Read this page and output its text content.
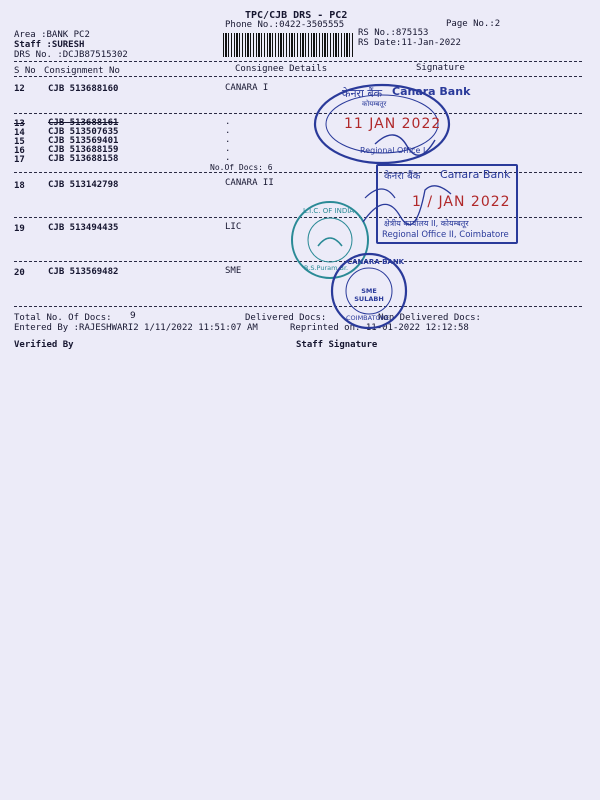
TPC/CJB DRS - PC2
Phone No.:0422-3505555	Page No.:2
Area :BANK PC2
Staff :SURESH
DRS No. :DCJB87515302
RS No.:875153
RS Date:11-Jan-2022
S No Consignment No	Consignee Details	Signature
12	CJB 513688160	CANARA I
13	CJB 513688161	.
14	CJB 513507635	.
15	CJB 513569401	.
16	CJB 513688159	.
17	CJB 513688158	.
No.Of Docs: 6
18	CJB 513142798	CANARA II
19	CJB 513494435	LIC
20	CJB 513569482	SME
Total No. Of Docs: 9	Delivered Docs:	Non Delivered Docs:
Entered By :RAJESHWARI2 1/11/2022 11:51:07 AM	Reprinted on: 11-01-2022 12:12:58
Verified By	Staff Signature
केनरा बैंक Canara Bank
कोयम्बतूर
11 JAN 2022
Regional Office I
केनरा बैंक Canara Bank
1 / JAN 2022
क्षेत्रीय कार्यालय II, कोयम्बतूर
Regional Office II, Coimbatore
L.I.C. OF INDIA
R.S.Puram Br.
CANARA BANK
SME SULABH
COIMBATORE
